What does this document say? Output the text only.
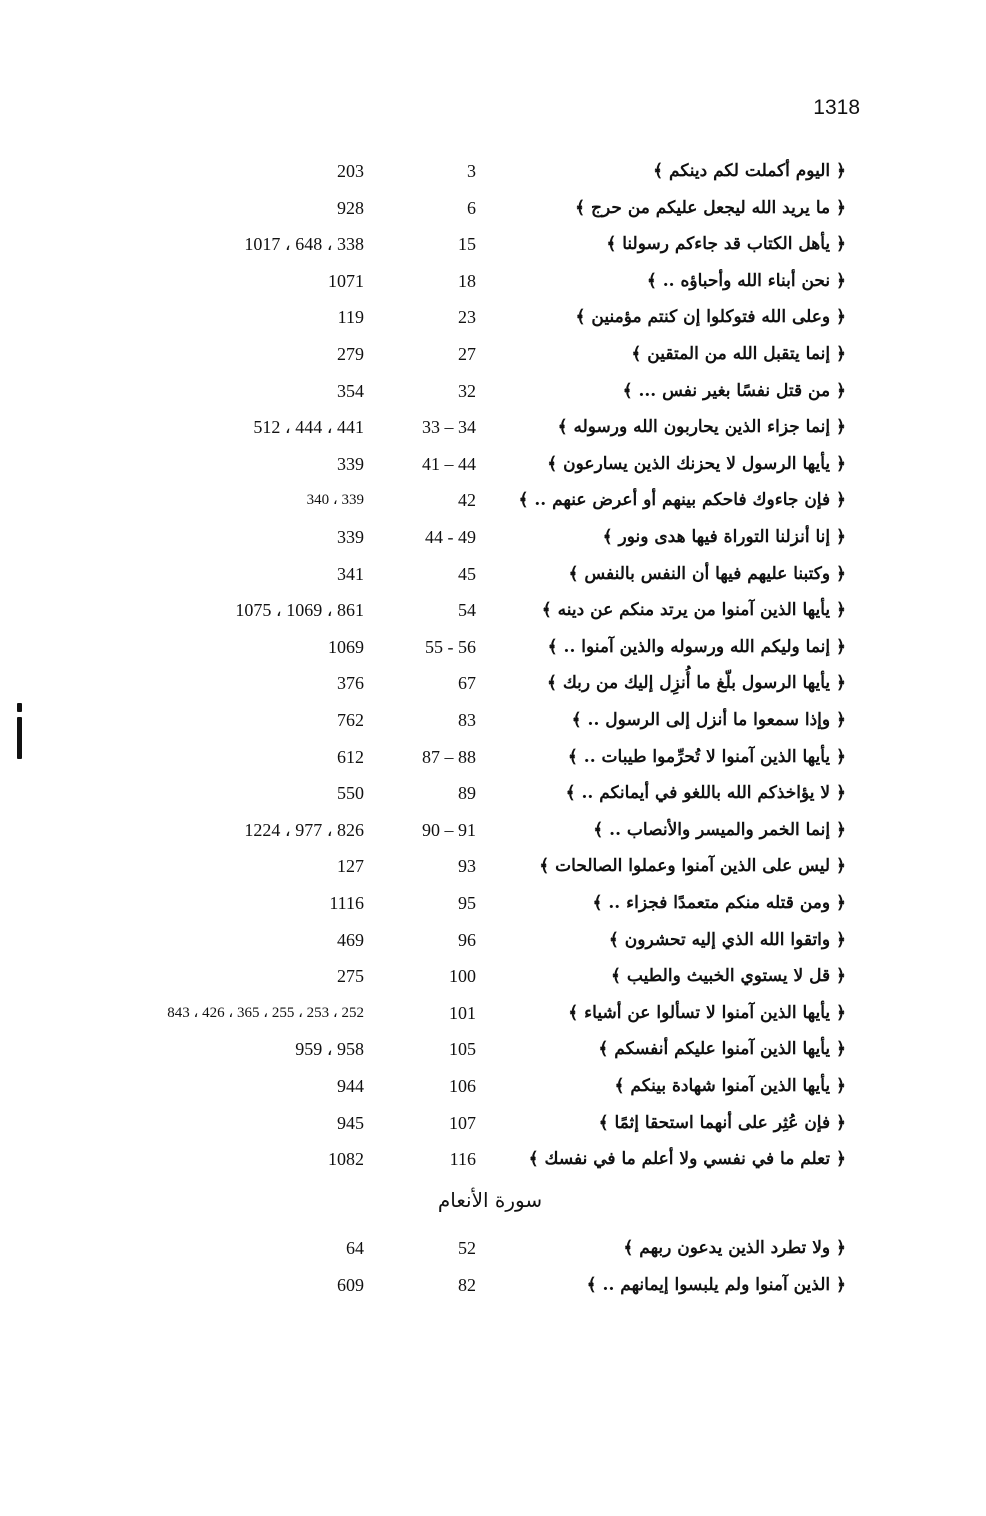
1318
﴿ اليوم أكملت لكم دينكم ﴾
3
203
﴿ ما يريد الله ليجعل عليكم من حرج ﴾
6
928
﴿ يأهل الكتاب قد جاءكم رسولنا ﴾
15
338 ، 648 ، 1017
﴿ نحن أبناء الله وأحباؤه .. ﴾
18
1071
﴿ وعلى الله فتوكلوا إن كنتم مؤمنين ﴾
23
119
﴿ إنما يتقبل الله من المتقين ﴾
27
279
﴿ من قتل نفسًا بغير نفس ... ﴾
32
354
﴿ إنما جزاء الذين يحاربون الله ورسوله ﴾
33 – 34
441 ، 444 ، 512
﴿ يأيها الرسول لا يحزنك الذين يسارعون ﴾
41 – 44
339
﴿ فإن جاءوك فاحكم بينهم أو أعرض عنهم .. ﴾
42
339 ، 340
﴿ إنا أنزلنا التوراة فيها هدى ونور ﴾
44 - 49
339
﴿ وكتبنا عليهم فيها أن النفس بالنفس ﴾
45
341
﴿ يأيها الذين آمنوا من يرتد منكم عن دينه ﴾
54
861 ، 1069 ، 1075
﴿ إنما وليكم الله ورسوله والذين آمنوا .. ﴾
55 - 56
1069
﴿ يأيها الرسول بلّغ ما أُنزِل إليك من ربك ﴾
67
376
﴿ وإذا سمعوا ما أنزل إلى الرسول .. ﴾
83
762
﴿ يأيها الذين آمنوا لا تُحرِّموا طيبات .. ﴾
87 – 88
612
﴿ لا يؤاخذكم الله باللغو في أيمانكم .. ﴾
89
550
﴿ إنما الخمر والميسر والأنصاب .. ﴾
90 – 91
826 ، 977 ، 1224
﴿ ليس على الذين آمنوا وعملوا الصالحات ﴾
93
127
﴿ ومن قتله منكم متعمدًا فجزاء .. ﴾
95
1116
﴿ واتقوا الله الذي إليه تحشرون ﴾
96
469
﴿ قل لا يستوي الخبيث والطيب ﴾
100
275
﴿ يأيها الذين آمنوا لا تسألوا عن أشياء ﴾
101
252 ، 253 ، 255 ، 365 ، 426 ، 843
﴿ يأيها الذين آمنوا عليكم أنفسكم ﴾
105
958 ، 959
﴿ يأيها الذين آمنوا شهادة بينكم ﴾
106
944
﴿ فإن عُثِر على أنهما استحقا إثمًا ﴾
107
945
﴿ تعلم ما في نفسي ولا أعلم ما في نفسك ﴾
116
1082
﴿ ولا تطرد الذين يدعون ربهم ﴾
52
64
﴿ الذين آمنوا ولم يلبسوا إيمانهم .. ﴾
82
609
سورة الأنعام
